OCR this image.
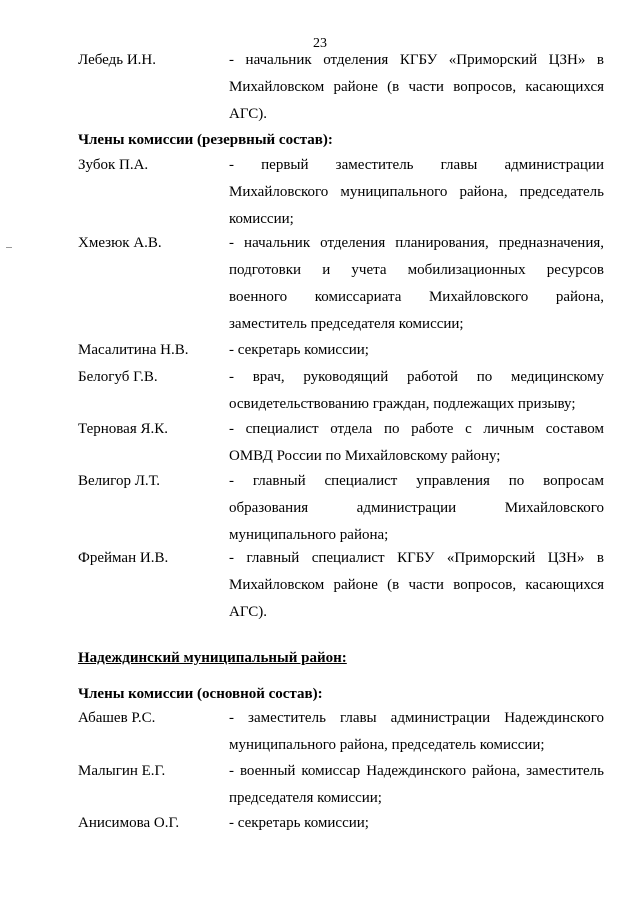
23
Лебедь И.Н.	- начальник отделения КГБУ «Приморский ЦЗН» в
Михайловском районе (в части вопросов, касающихся
АГС).
Члены комиссии (резервный состав):
Зубок П.А.	- первый заместитель главы администрации
Михайловского муниципального района, председатель
комиссии;
Хмезюк А.В.	- начальник отделения планирования, предназначения,
подготовки и учета мобилизационных ресурсов
военного комиссариата Михайловского района,
заместитель председателя комиссии;
Масалитина Н.В.	- секретарь комиссии;
Белогуб Г.В.	- врач, руководящий работой по медицинскому
освидетельствованию граждан, подлежащих призыву;
Терновая Я.К.	- специалист отдела по работе с личным составом
ОМВД России по Михайловскому району;
Велигор Л.Т.	- главный специалист управления по вопросам
образования администрации Михайловского
муниципального района;
Фрейман И.В.	- главный специалист КГБУ «Приморский ЦЗН» в
Михайловском районе (в части вопросов, касающихся
АГС).
Надеждинский муниципальный район:
Члены комиссии (основной состав):
Абашев Р.С.	- заместитель главы администрации Надеждинского
муниципального района, председатель комиссии;
Малыгин Е.Г.	- военный комиссар Надеждинского района, заместитель
председателя комиссии;
Анисимова О.Г.	- секретарь комиссии;
